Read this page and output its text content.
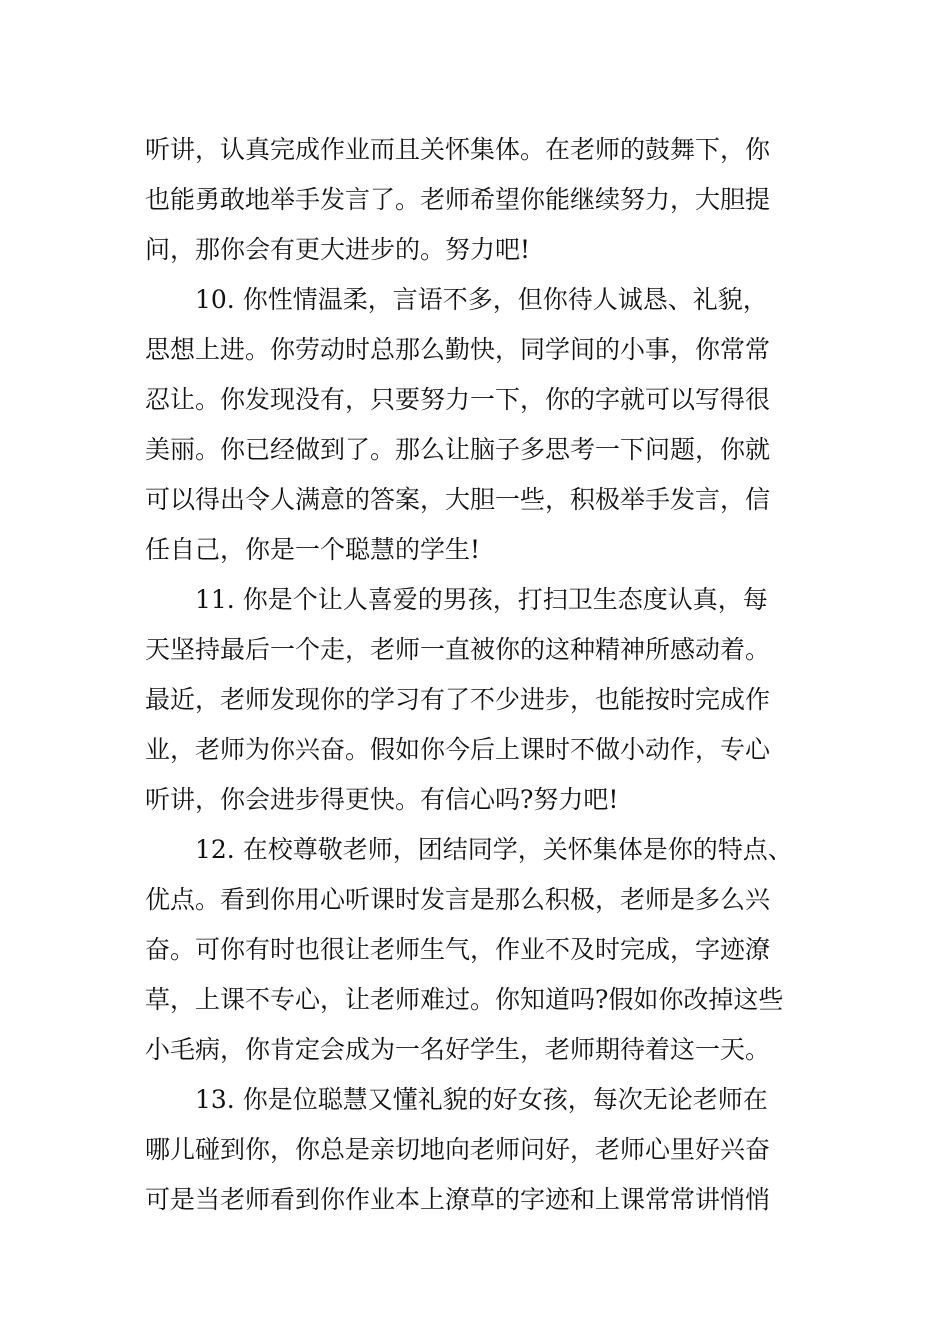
听讲，认真完成作业而且关怀集体。在老师的鼓舞下，你
也能勇敢地举手发言了。老师希望你能继续努力，大胆提
问，那你会有更大进步的。努力吧!
10. 你性情温柔，言语不多，但你待人诚恳、礼貌，
思想上进。你劳动时总那么勤快，同学间的小事，你常常
忍让。你发现没有，只要努力一下，你的字就可以写得很
美丽。你已经做到了。那么让脑子多思考一下问题，你就
可以得出令人满意的答案，大胆一些，积极举手发言，信
任自己，你是一个聪慧的学生!
11. 你是个让人喜爱的男孩，打扫卫生态度认真，每
天坚持最后一个走，老师一直被你的这种精神所感动着。
最近，老师发现你的学习有了不少进步，也能按时完成作
业，老师为你兴奋。假如你今后上课时不做小动作，专心
听讲，你会进步得更快。有信心吗?努力吧!
12. 在校尊敬老师，团结同学，关怀集体是你的特点、
优点。看到你用心听课时发言是那么积极，老师是多么兴
奋。可你有时也很让老师生气，作业不及时完成，字迹潦
草，上课不专心，让老师难过。你知道吗?假如你改掉这些
小毛病，你肯定会成为一名好学生，老师期待着这一天。
13. 你是位聪慧又懂礼貌的好女孩，每次无论老师在
哪儿碰到你，你总是亲切地向老师问好，老师心里好兴奋
可是当老师看到你作业本上潦草的字迹和上课常常讲悄悄
